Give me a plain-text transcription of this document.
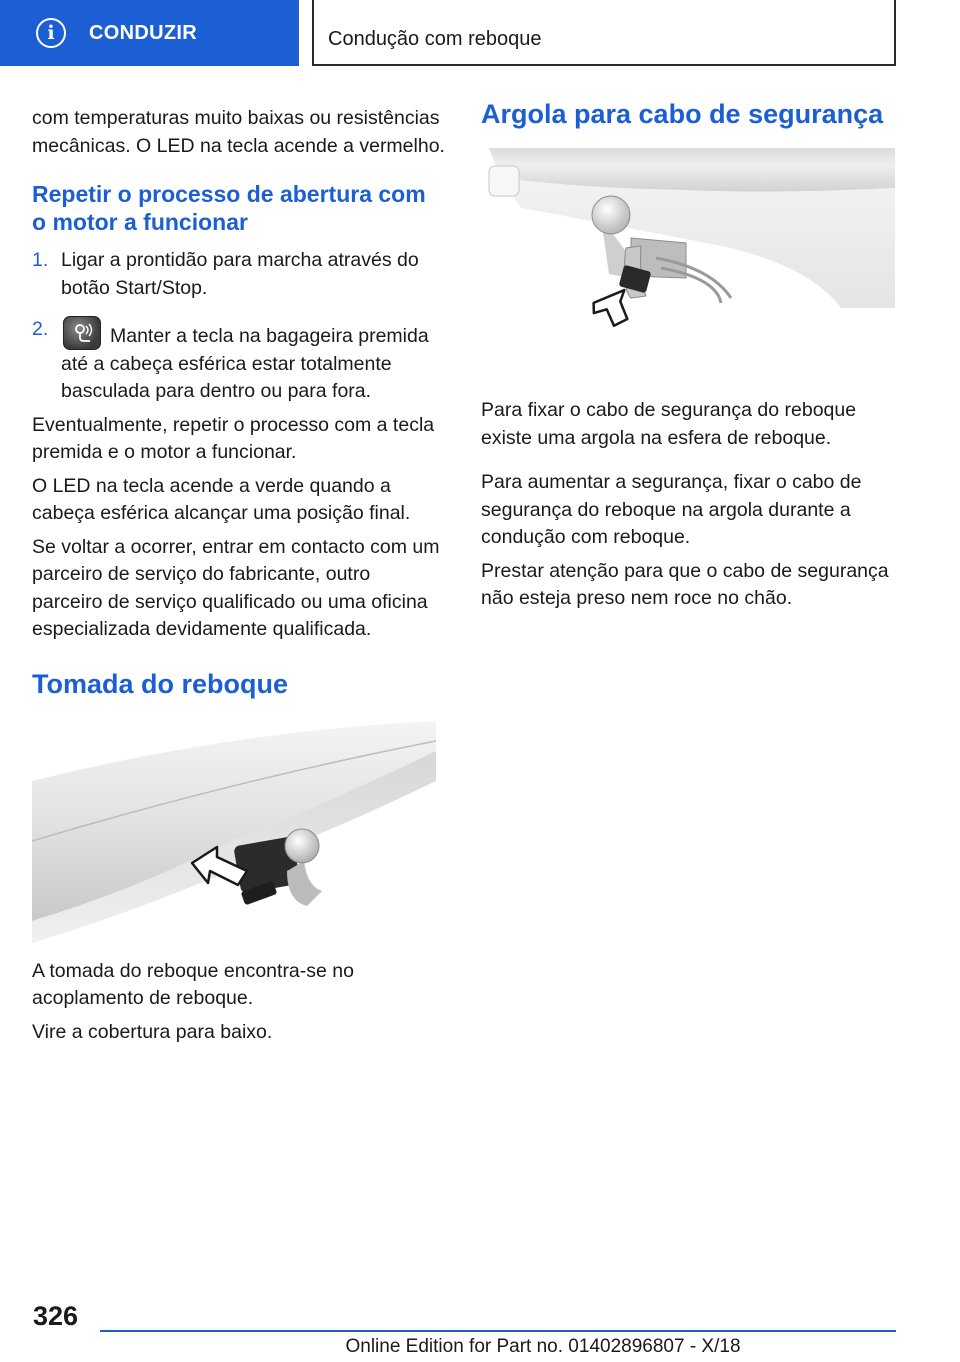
i	CONDUZIR	Condução com reboque

com temperaturas muito baixas ou resistências mecânicas. O LED na tecla acende a vermelho.

Repetir o processo de abertura com o motor a funcionar
1. Ligar a prontidão para marcha através do botão Start/Stop.
2.	Manter a tecla na bagageira premida até a cabeça esférica estar totalmente basculada para dentro ou para fora.

Eventualmente, repetir o processo com a tecla premida e o motor a funcionar.

O LED na tecla acende a verde quando a cabeça esférica alcançar uma posição final.

Se voltar a ocorrer, entrar em contacto com um parceiro de serviço do fabricante, outro parceiro de serviço qualificado ou uma oficina especializada devidamente qualificada.

Tomada do reboque

A tomada do reboque encontra-se no acoplamento de reboque.

Vire a cobertura para baixo.

Argola para cabo de segurança

Para fixar o cabo de segurança do reboque existe uma argola na esfera de reboque.

Para aumentar a segurança, fixar o cabo de segurança do reboque na argola durante a condução com reboque.

Prestar atenção para que o cabo de segurança não esteja preso nem roce no chão.

326
Online Edition for Part no. 01402896807 - X/18
